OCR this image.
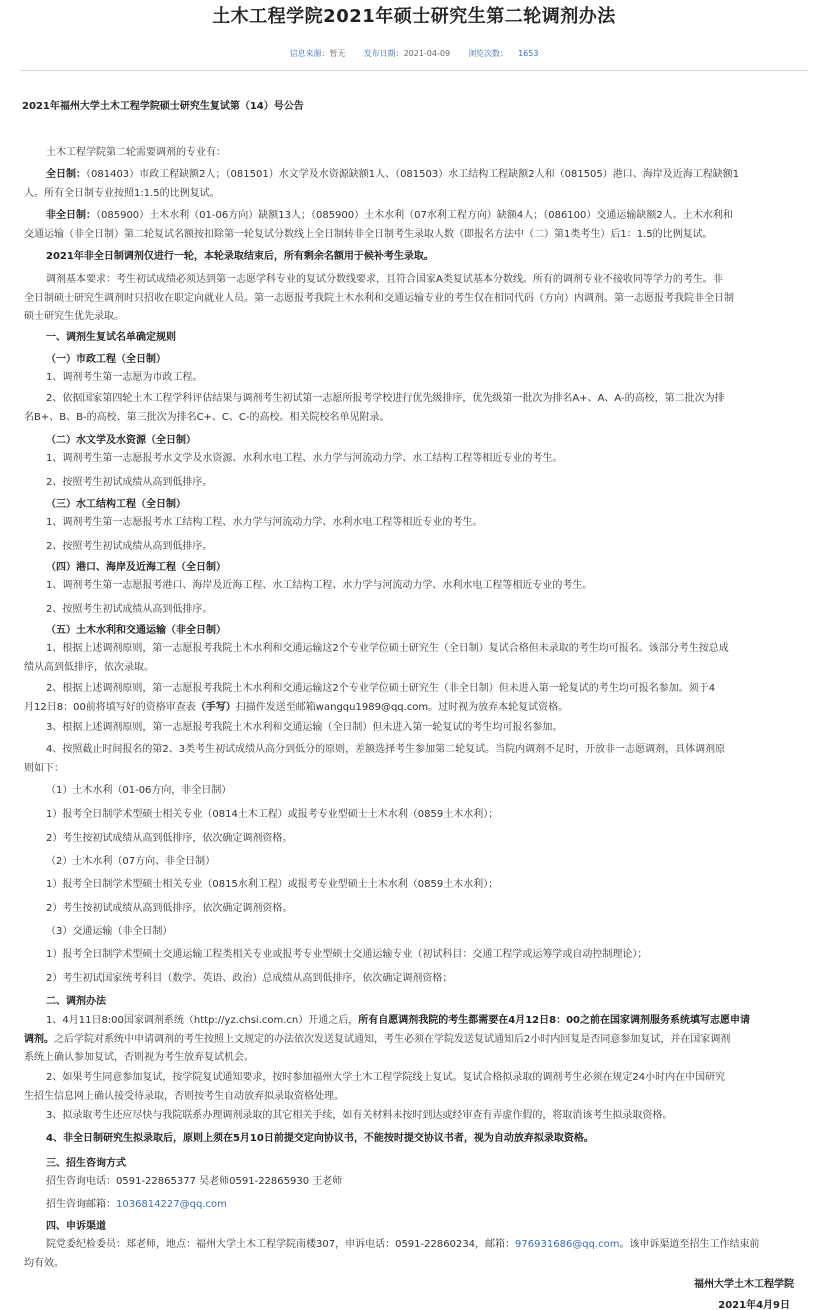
土木工程学院2021年硕士研究生第二轮调剂办法
信息来源：暂无 发布日期：2021-04-09 浏览次数： 1653
2021年福州大学土木工程学院硕士研究生复试第（14）号公告
土木工程学院第二轮需要调剂的专业有：
全日制：（081403）市政工程缺额2人；（081501）水文学及水资源缺额1人、（081503）水工结构工程缺额2人和（081505）港口、海岸及近海工程缺额1
人。所有全日制专业按照1:1.5的比例复试。
非全日制：（085900）土木水利（01-06方向）缺额13人；（085900）土木水利（07水利工程方向）缺额4人；（086100）交通运输缺额2人。土木水利和
交通运输（非全日制）第二轮复试名额按扣除第一轮复试分数线上全日制转非全日制考生录取人数（即报名方法中（二）第1类考生）后1：1.5的比例复试。
2021年非全日制调剂仅进行一轮，本轮录取结束后，所有剩余名额用于候补考生录取。
调剂基本要求：考生初试成绩必须达到第一志愿学科专业的复试分数线要求，且符合国家A类复试基本分数线。所有的调剂专业不接收同等学力的考生。非
全日制硕士研究生调剂时只招收在职定向就业人员。第一志愿报考我院土木水利和交通运输专业的考生仅在相同代码（方向）内调剂。第一志愿报考我院非全日制
硕士研究生优先录取。
一、调剂生复试名单确定规则
（一）市政工程（全日制）
1、调剂考生第一志愿为市政工程。
2、依据国家第四轮土木工程学科评估结果与调剂考生初试第一志愿所报考学校进行优先级排序，优先级第一批次为排名A+、A、A-的高校，第二批次为排
名B+、B、B-的高校、第三批次为排名C+、C、C-的高校。相关院校名单见附录。
（二）水文学及水资源（全日制）
1、调剂考生第一志愿报考水文学及水资源、水利水电工程、水力学与河流动力学、水工结构工程等相近专业的考生。
2、按照考生初试成绩从高到低排序。
（三）水工结构工程（全日制）
1、调剂考生第一志愿报考水工结构工程、水力学与河流动力学、水利水电工程等相近专业的考生。
2、按照考生初试成绩从高到低排序。
（四）港口、海岸及近海工程（全日制）
1、调剂考生第一志愿报考港口、海岸及近海工程、水工结构工程、水力学与河流动力学、水利水电工程等相近专业的考生。
2、按照考生初试成绩从高到低排序。
（五）土木水利和交通运输（非全日制）
1、根据上述调剂原则，第一志愿报考我院土木水利和交通运输这2个专业学位硕士研究生（全日制）复试合格但未录取的考生均可报名。该部分考生按总成
绩从高到低排序，依次录取。
2、根据上述调剂原则，第一志愿报考我院土木水利和交通运输这2个专业学位硕士研究生（非全日制）但未进入第一轮复试的考生均可报名参加。须于4
月12日8：00前将填写好的资格审查表（手写）扫描件发送至邮箱wangqu1989@qq.com。过时视为放弃本轮复试资格。
3、根据上述调剂原则，第一志愿报考我院土木水利和交通运输（全日制）但未进入第一轮复试的考生均可报名参加。
4、按照截止时间报名的第2、3类考生初试成绩从高分到低分的原则，差额选择考生参加第二轮复试。当院内调剂不足时，开放非一志愿调剂，具体调剂原
则如下：
（1）土木水利（01-06方向，非全日制）
1）报考全日制学术型硕士相关专业（0814土木工程）或报考专业型硕士土木水利（0859土木水利）；
2）考生按初试成绩从高到低排序，依次确定调剂资格。
（2）土木水利（07方向、非全日制）
1）报考全日制学术型硕士相关专业（0815水利工程）或报考专业型硕士土木水利（0859土木水利）；
2）考生按初试成绩从高到低排序，依次确定调剂资格。
（3）交通运输（非全日制）
1）报考全日制学术型硕士交通运输工程类相关专业或报考专业型硕士交通运输专业（初试科目：交通工程学或运筹学或自动控制理论）；
2）考生初试国家统考科目（数学、英语、政治）总成绩从高到低排序，依次确定调剂资格；
二、调剂办法
1、4月11日8:00国家调剂系统（http://yz.chsi.com.cn）开通之后，所有自愿调剂我院的考生都需要在4月12日8：00之前在国家调剂服务系统填写志愿申请
调剂。之后学院对系统中申请调剂的考生按照上文规定的办法依次发送复试通知，考生必须在学院发送复试通知后2小时内回复是否同意参加复试，并在国家调剂
系统上确认参加复试，否则视为考生放弃复试机会。
2、如果考生同意参加复试，按学院复试通知要求，按时参加福州大学土木工程学院线上复试。复试合格拟录取的调剂考生必须在规定24小时内在中国研究
生招生信息网上确认接受待录取，否则按考生自动放弃拟录取资格处理。
3、拟录取考生还应尽快与我院联系办理调剂录取的其它相关手续，如有关材料未按时到达或经审查有弄虚作假的，将取消该考生拟录取资格。
4、非全日制研究生拟录取后，原则上须在5月10日前提交定向协议书，不能按时提交协议书者，视为自动放弃拟录取资格。
三、招生咨询方式
招生咨询电话：0591-22865377 吴老师0591-22865930 王老师
招生咨询邮箱：1036814227@qq.com
四、申诉渠道
院党委纪检委员：郑老师，地点：福州大学土木工程学院南楼307，申诉电话：0591-22860234，邮箱：976931686@qq.com。该申诉渠道至招生工作结束前
均有效。
福州大学土木工程学院
2021年4月9日
